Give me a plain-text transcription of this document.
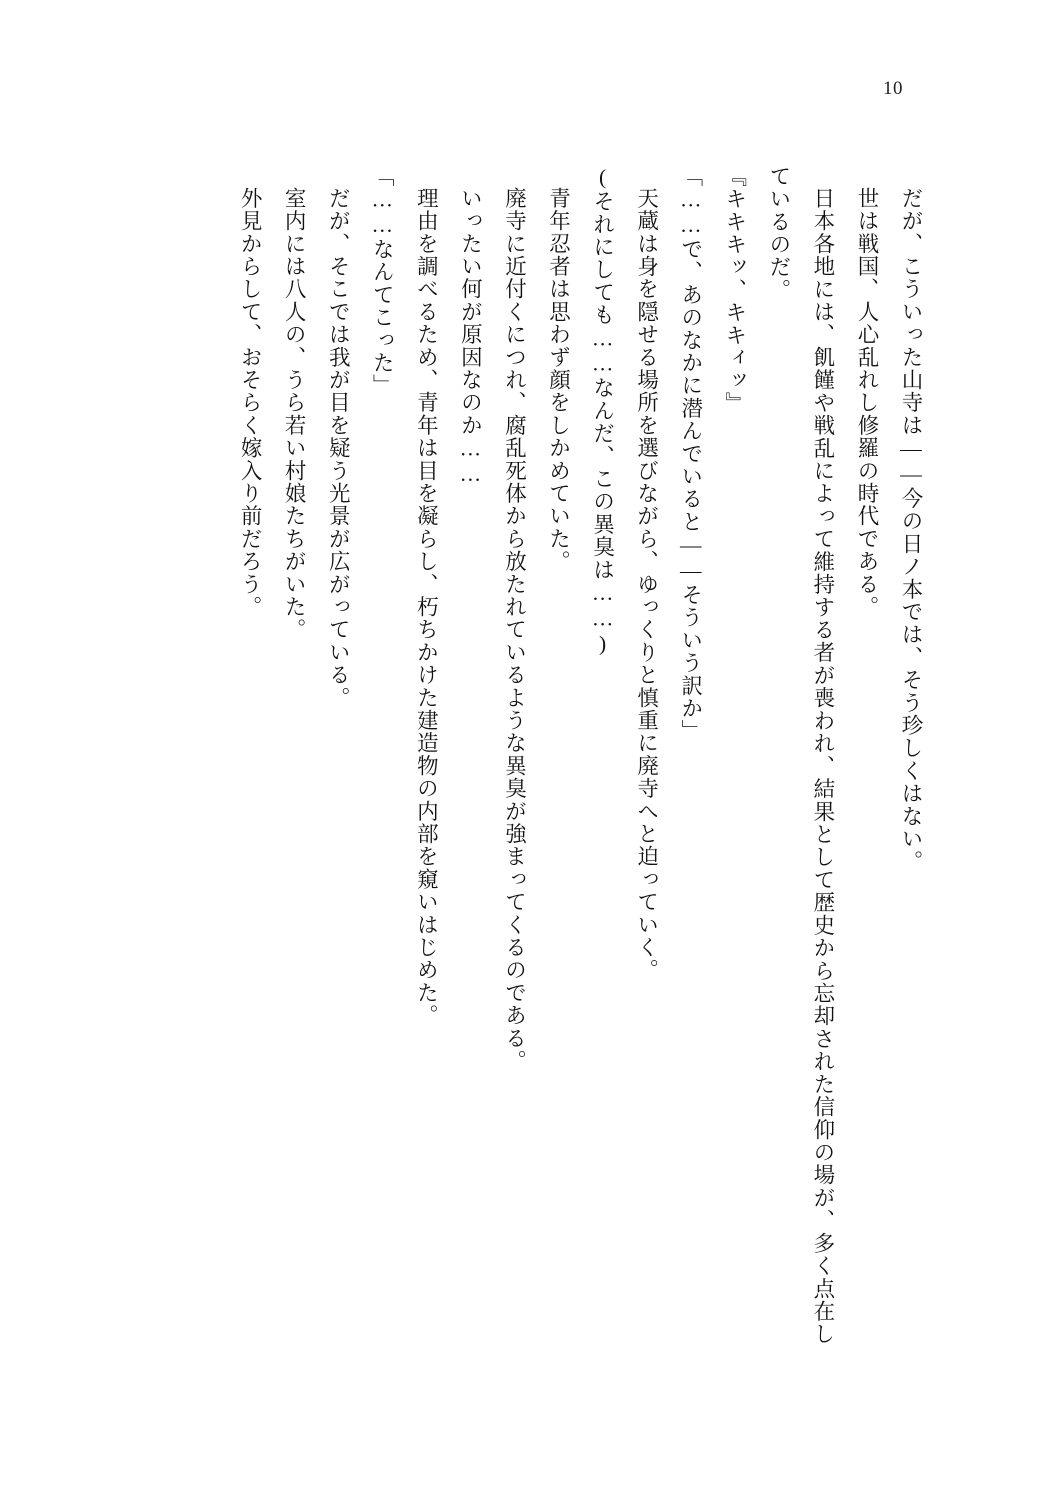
10

だが、こういった山寺は――今の日ノ本では、そう珍しくはない。

世は戦国、人心乱れし修羅の時代である。

日本各地には、飢饉や戦乱によって維持する者が喪われ、結果として歴史から忘却された信仰の場が、多く点在しているのだ。

『キキキッ、キキィッ』

「……で、あのなかに潜んでいると――そういう訳か」

天蔵は身を隠せる場所を選びながら、ゆっくりと慎重に廃寺へと迫っていく。

(それにしても……なんだ、この異臭は……)

青年忍者は思わず顔をしかめていた。

廃寺に近付くにつれ、腐乱死体から放たれているような異臭が強まってくるのである。

いったい何が原因なのか……

理由を調べるため、青年は目を凝らし、朽ちかけた建造物の内部を窺いはじめた。

「……なんてこった」

だが、そこでは我が目を疑う光景が広がっている。

室内には八人の、うら若い村娘たちがいた。

外見からして、おそらく嫁入り前だろう。
